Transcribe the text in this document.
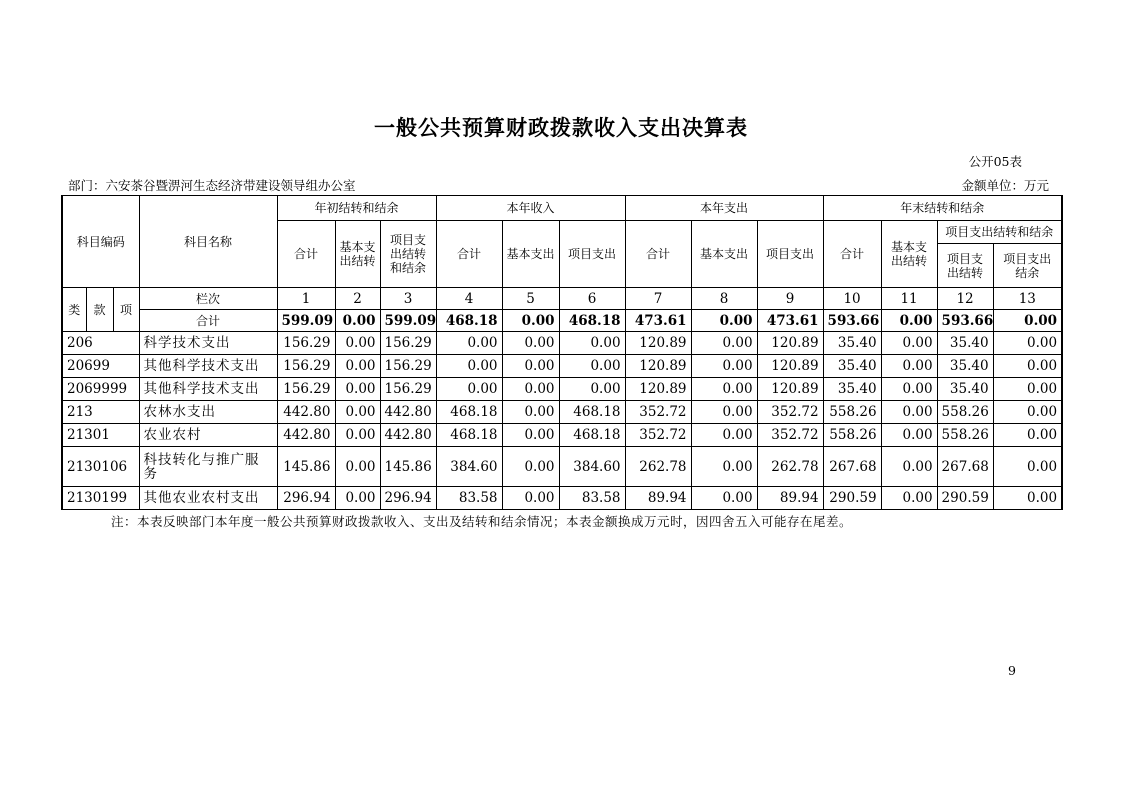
一般公共预算财政拨款收入支出决算表
公开05表
部门：六安茶谷暨淠河生态经济带建设领导组办公室	金额单位：万元
科目编码			科目名称	年初结转和结余			本年收入			本年支出			年末结转和结余			
				合计	基本支出结转	项目支出结转和结余	合计	基本支出	项目支出	合计	基本支出	项目支出	合计	基本支出结转	项目支出结转和结余	
															项目支出结转	项目支出结余
类	款	项	栏次	1	2	3	4	5	6	7	8	9	10	11	12	13
			合计	599.09	0.00	599.09	468.18	0.00	468.18	473.61	0.00	473.61	593.66	0.00	593.66	0.00
206			科学技术支出	156.29	0.00	156.29	0.00	0.00	0.00	120.89	0.00	120.89	35.40	0.00	35.40	0.00
20699			其他科学技术支出	156.29	0.00	156.29	0.00	0.00	0.00	120.89	0.00	120.89	35.40	0.00	35.40	0.00
2069999			其他科学技术支出	156.29	0.00	156.29	0.00	0.00	0.00	120.89	0.00	120.89	35.40	0.00	35.40	0.00
213			农林水支出	442.80	0.00	442.80	468.18	0.00	468.18	352.72	0.00	352.72	558.26	0.00	558.26	0.00
21301			农业农村	442.80	0.00	442.80	468.18	0.00	468.18	352.72	0.00	352.72	558.26	0.00	558.26	0.00
2130106			科技转化与推广服务	145.86	0.00	145.86	384.60	0.00	384.60	262.78	0.00	262.78	267.68	0.00	267.68	0.00
2130199			其他农业农村支出	296.94	0.00	296.94	83.58	0.00	83.58	89.94	0.00	89.94	290.59	0.00	290.59	0.00
注：本表反映部门本年度一般公共预算财政拨款收入、支出及结转和结余情况；本表金额换成万元时，因四舍五入可能存在尾差。
9
